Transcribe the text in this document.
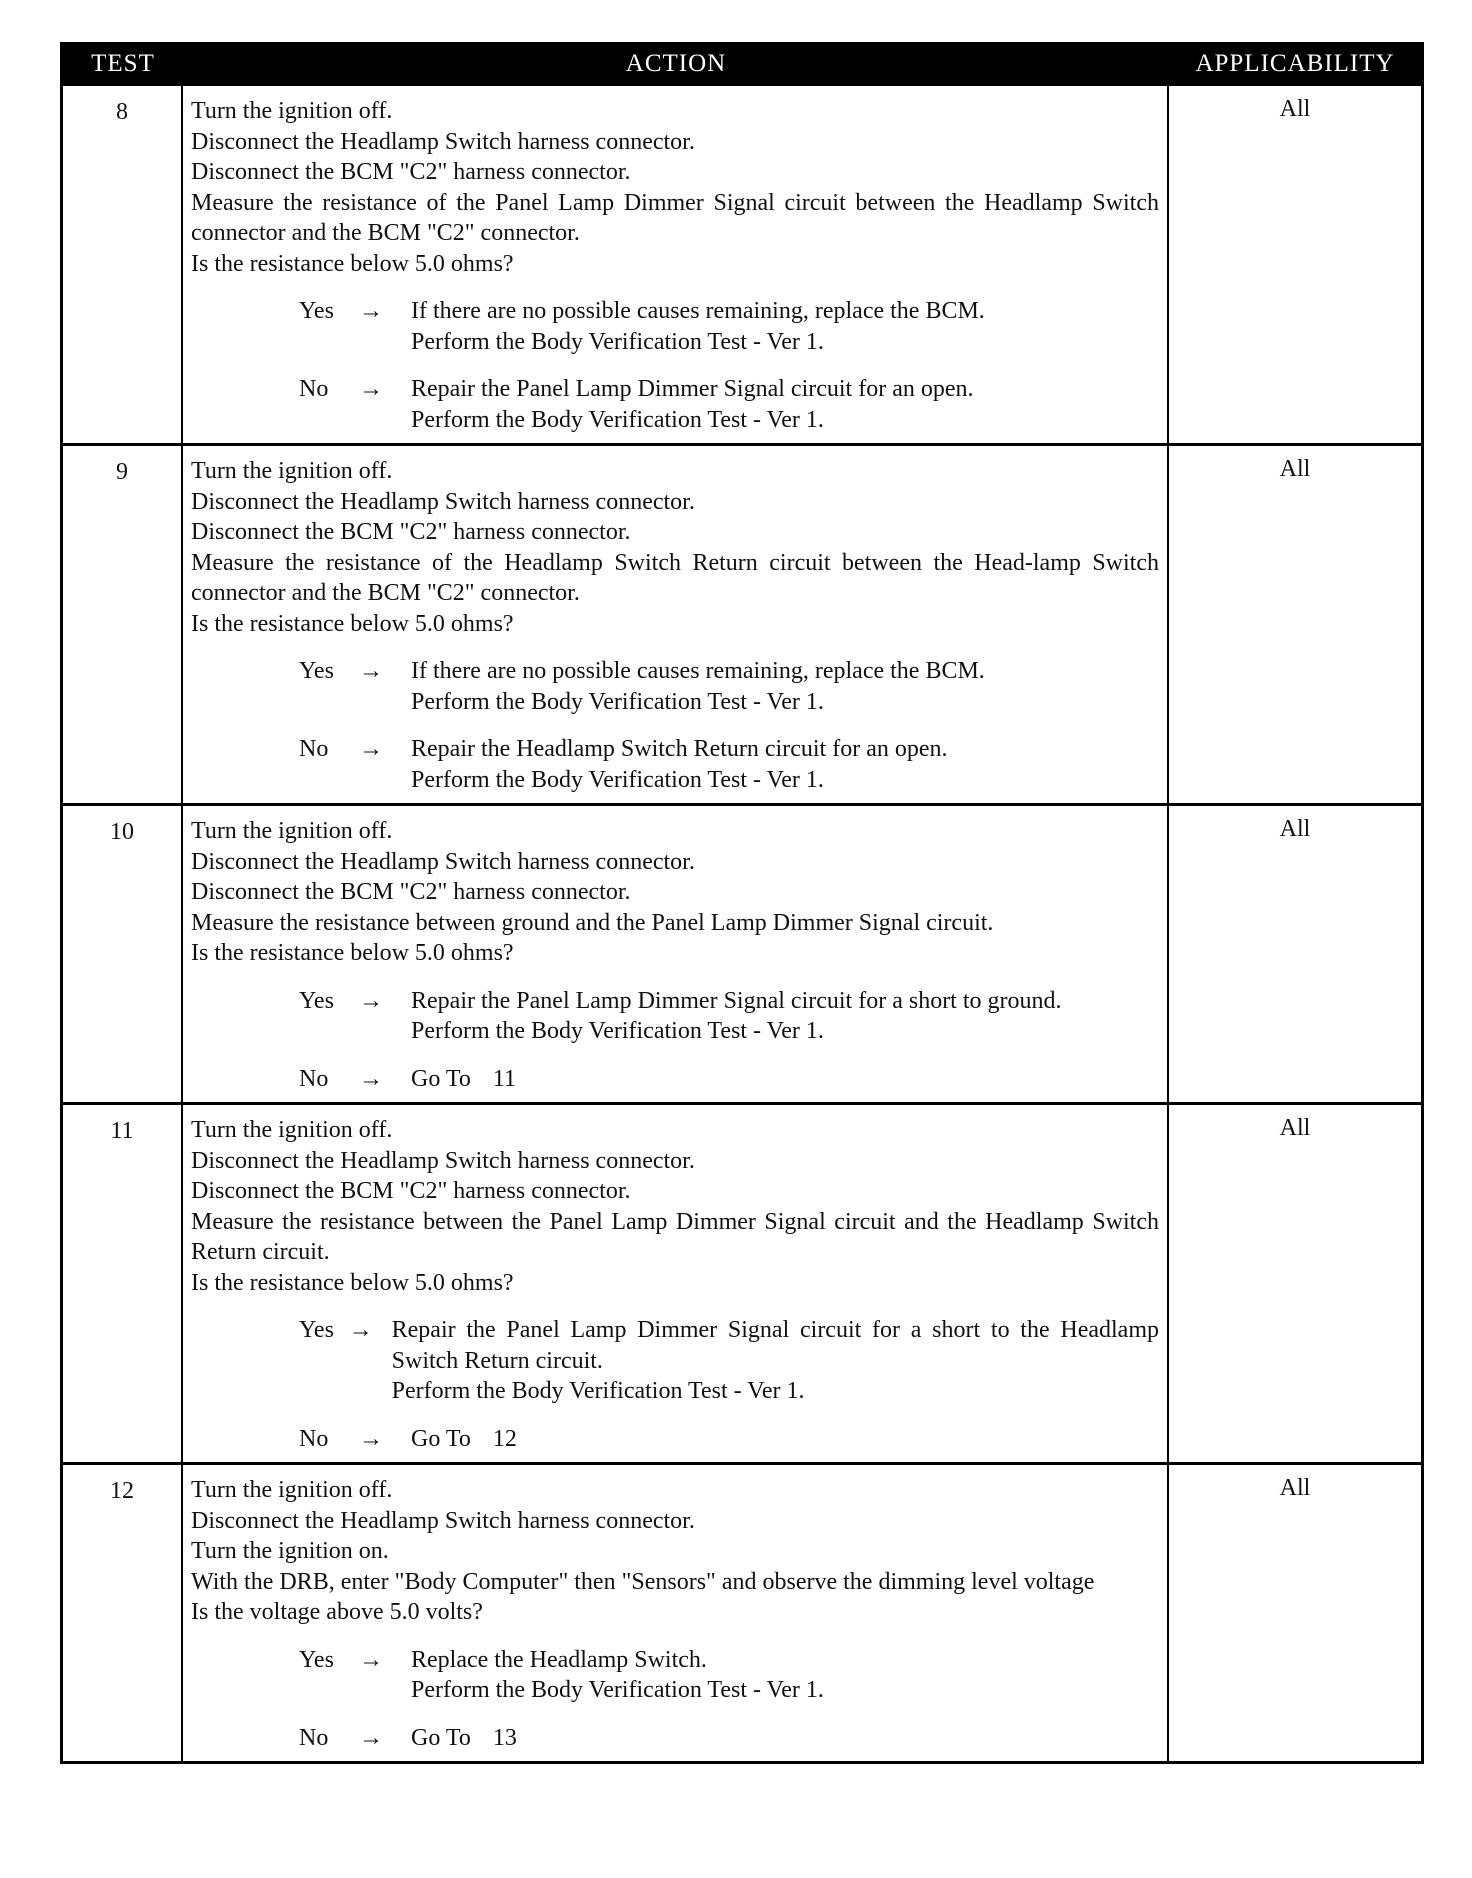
TEST	ACTION	APPLICABILITY
8	Turn the ignition off.
Disconnect the Headlamp Switch harness connector.
Disconnect the BCM "C2" harness connector.
Measure the resistance of the Panel Lamp Dimmer Signal circuit between the Headlamp Switch connector and the BCM "C2" connector.
Is the resistance below 5.0 ohms?
Yes	→	If there are no possible causes remaining, replace the BCM.
Perform the Body Verification Test - Ver 1.
No	→	Repair the Panel Lamp Dimmer Signal circuit for an open.
Perform the Body Verification Test - Ver 1.
All
9	Turn the ignition off.
Disconnect the Headlamp Switch harness connector.
Disconnect the BCM "C2" harness connector.
Measure the resistance of the Headlamp Switch Return circuit between the Head-lamp Switch connector and the BCM "C2" connector.
Is the resistance below 5.0 ohms?
Yes	→	If there are no possible causes remaining, replace the BCM.
Perform the Body Verification Test - Ver 1.
No	→	Repair the Headlamp Switch Return circuit for an open.
Perform the Body Verification Test - Ver 1.
All
10	Turn the ignition off.
Disconnect the Headlamp Switch harness connector.
Disconnect the BCM "C2" harness connector.
Measure the resistance between ground and the Panel Lamp Dimmer Signal circuit.
Is the resistance below 5.0 ohms?
Yes	→	Repair the Panel Lamp Dimmer Signal circuit for a short to ground.
Perform the Body Verification Test - Ver 1.
No	→	Go To 11
All
11	Turn the ignition off.
Disconnect the Headlamp Switch harness connector.
Disconnect the BCM "C2" harness connector.
Measure the resistance between the Panel Lamp Dimmer Signal circuit and the Headlamp Switch Return circuit.
Is the resistance below 5.0 ohms?
Yes → Repair the Panel Lamp Dimmer Signal circuit for a short to the Headlamp Switch Return circuit.
Perform the Body Verification Test - Ver 1.
No	→	Go To 12
All
12	Turn the ignition off.
Disconnect the Headlamp Switch harness connector.
Turn the ignition on.
With the DRB, enter "Body Computer" then "Sensors" and observe the dimming level voltage
Is the voltage above 5.0 volts?
Yes	→	Replace the Headlamp Switch.
Perform the Body Verification Test - Ver 1.
No	→	Go To 13
All
